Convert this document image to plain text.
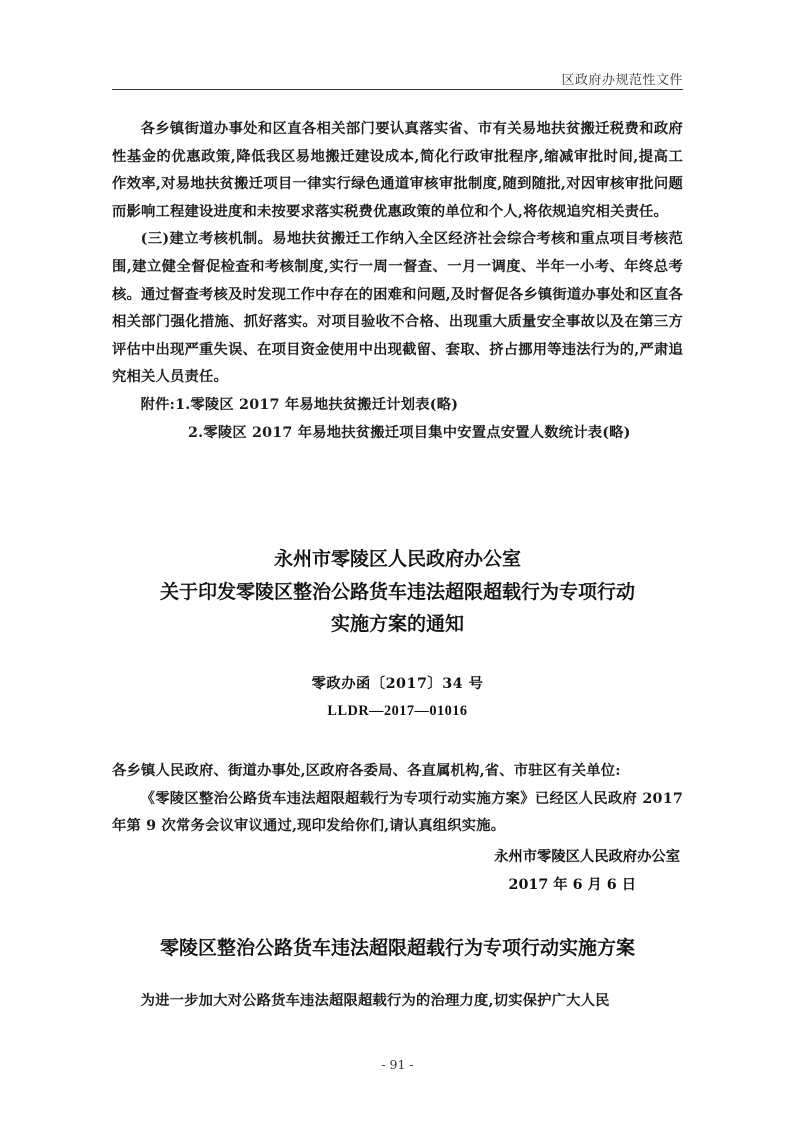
区政府办规范性文件

各乡镇街道办事处和区直各相关部门要认真落实省、市有关易地扶贫搬迁税费和政府性基金的优惠政策,降低我区易地搬迁建设成本,简化行政审批程序,缩减审批时间,提高工作效率,对易地扶贫搬迁项目一律实行绿色通道审核审批制度,随到随批,对因审核审批问题而影响工程建设进度和未按要求落实税费优惠政策的单位和个人,将依规追究相关责任。

(三)建立考核机制。易地扶贫搬迁工作纳入全区经济社会综合考核和重点项目考核范围,建立健全督促检查和考核制度,实行一周一督查、一月一调度、半年一小考、年终总考核。通过督查考核及时发现工作中存在的困难和问题,及时督促各乡镇街道办事处和区直各相关部门强化措施、抓好落实。对项目验收不合格、出现重大质量安全事故以及在第三方评估中出现严重失误、在项目资金使用中出现截留、套取、挤占挪用等违法行为的,严肃追究相关人员责任。

附件:1.零陵区 2017 年易地扶贫搬迁计划表(略)

2.零陵区 2017 年易地扶贫搬迁项目集中安置点安置人数统计表(略)

永州市零陵区人民政府办公室
关于印发零陵区整治公路货车违法超限超载行为专项行动
实施方案的通知
零政办函〔2017〕34 号
LLDR—2017—01016

各乡镇人民政府、街道办事处,区政府各委局、各直属机构,省、市驻区有关单位:

《零陵区整治公路货车违法超限超载行为专项行动实施方案》已经区人民政府 2017 年第 9 次常务会议审议通过,现印发给你们,请认真组织实施。

永州市零陵区人民政府办公室
2017 年 6 月 6 日
零陵区整治公路货车违法超限超载行为专项行动实施方案

为进一步加大对公路货车违法超限超载行为的治理力度,切实保护广大人民

- 91 -
